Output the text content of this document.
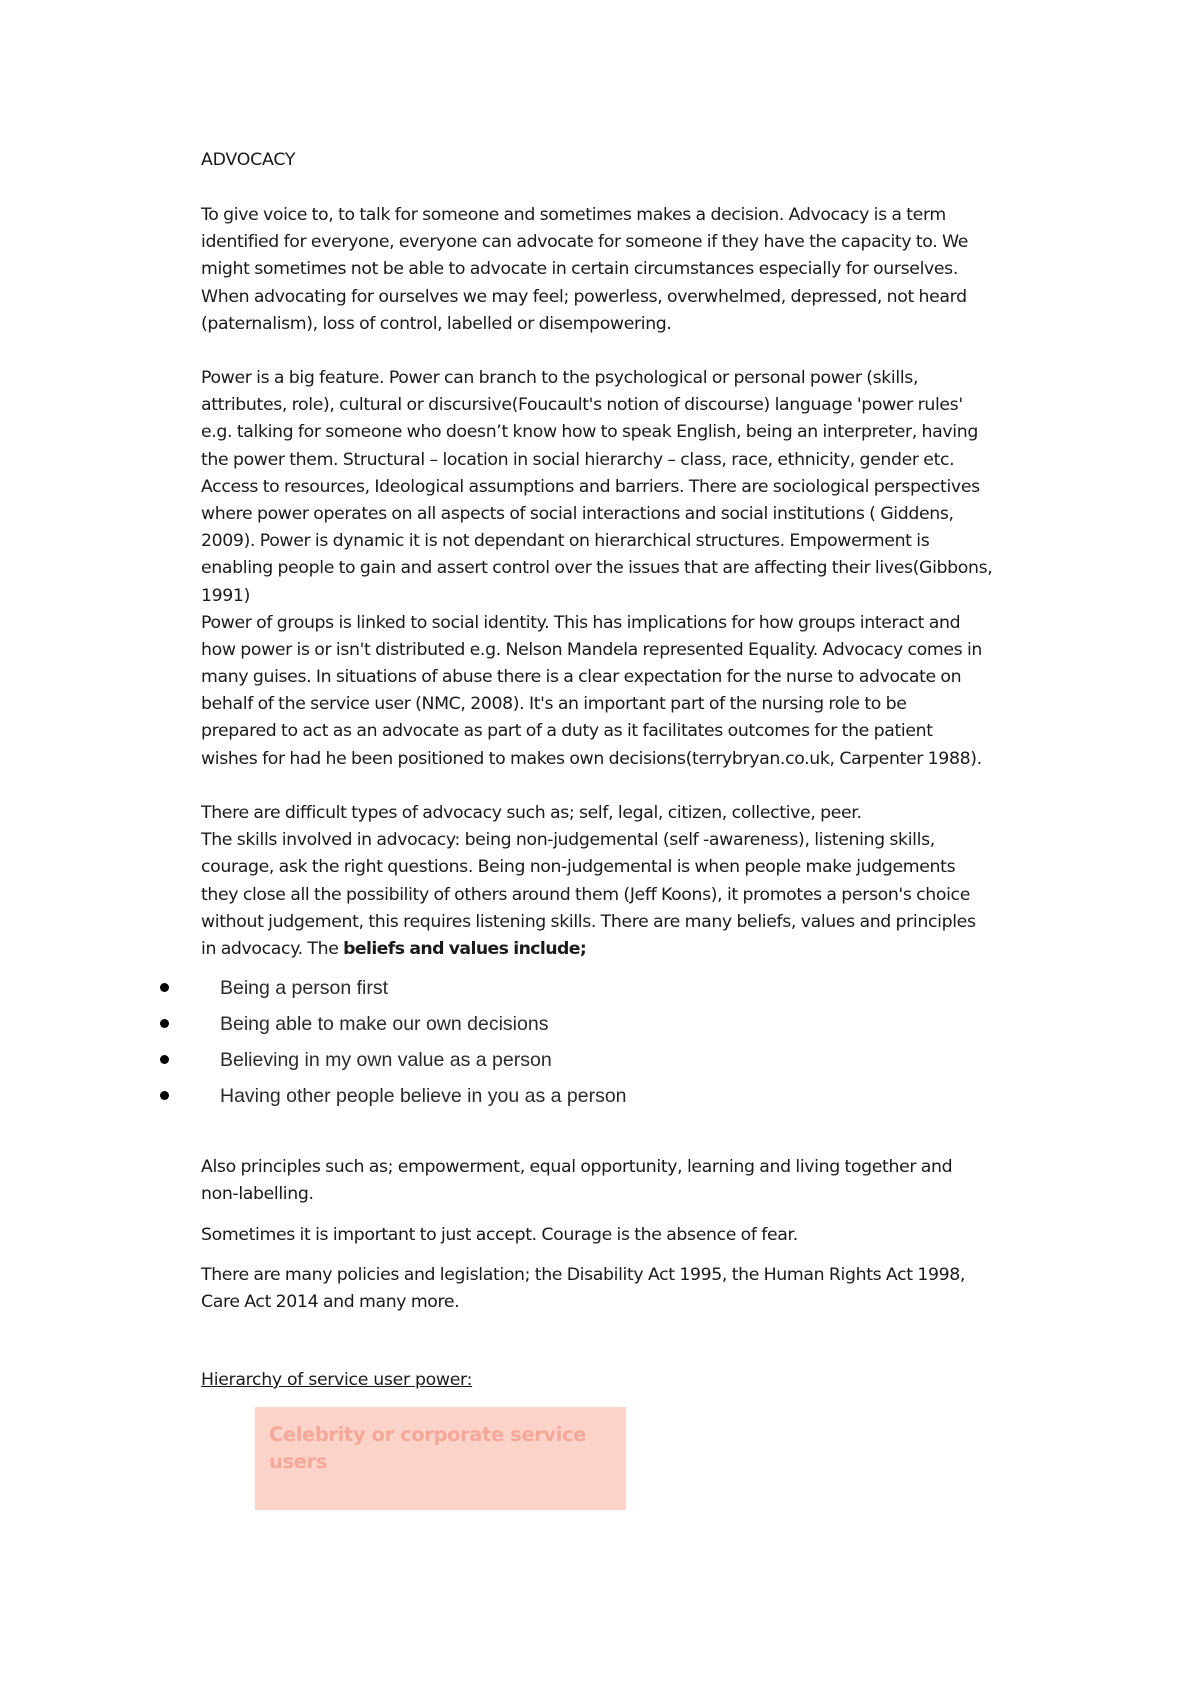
ADVOCACY
To give voice to, to talk for someone and sometimes makes a decision. Advocacy is a term
identified for everyone, everyone can advocate for someone if they have the capacity to. We
might sometimes not be able to advocate in certain circumstances especially for ourselves.
When advocating for ourselves we may feel; powerless, overwhelmed, depressed, not heard
(paternalism), loss of control, labelled or disempowering.
Power is a big feature. Power can branch to the psychological or personal power (skills,
attributes, role), cultural or discursive(Foucault's notion of discourse) language 'power rules'
e.g. talking for someone who doesn’t know how to speak English, being an interpreter, having
the power them. Structural – location in social hierarchy – class, race, ethnicity, gender etc.
Access to resources, Ideological assumptions and barriers. There are sociological perspectives
where power operates on all aspects of social interactions and social institutions ( Giddens,
2009). Power is dynamic it is not dependant on hierarchical structures. Empowerment is
enabling people to gain and assert control over the issues that are affecting their lives(Gibbons,
1991)
Power of groups is linked to social identity. This has implications for how groups interact and
how power is or isn't distributed e.g. Nelson Mandela represented Equality. Advocacy comes in
many guises. In situations of abuse there is a clear expectation for the nurse to advocate on
behalf of the service user (NMC, 2008). It's an important part of the nursing role to be
prepared to act as an advocate as part of a duty as it facilitates outcomes for the patient
wishes for had he been positioned to makes own decisions(terrybryan.co.uk, Carpenter 1988).
There are difficult types of advocacy such as; self, legal, citizen, collective, peer.
The skills involved in advocacy: being non-judgemental (self -awareness), listening skills,
courage, ask the right questions. Being non-judgemental is when people make judgements
they close all the possibility of others around them (Jeff Koons), it promotes a person's choice
without judgement, this requires listening skills. There are many beliefs, values and principles
in advocacy. The beliefs and values include;
Being a person first
Being able to make our own decisions
Believing in my own value as a person
Having other people believe in you as a person
Also principles such as; empowerment, equal opportunity, learning and living together and
non-labelling.
Sometimes it is important to just accept. Courage is the absence of fear.
There are many policies and legislation; the Disability Act 1995, the Human Rights Act 1998,
Care Act 2014 and many more.
Hierarchy of service user power:
Celebrity or corporate service users
